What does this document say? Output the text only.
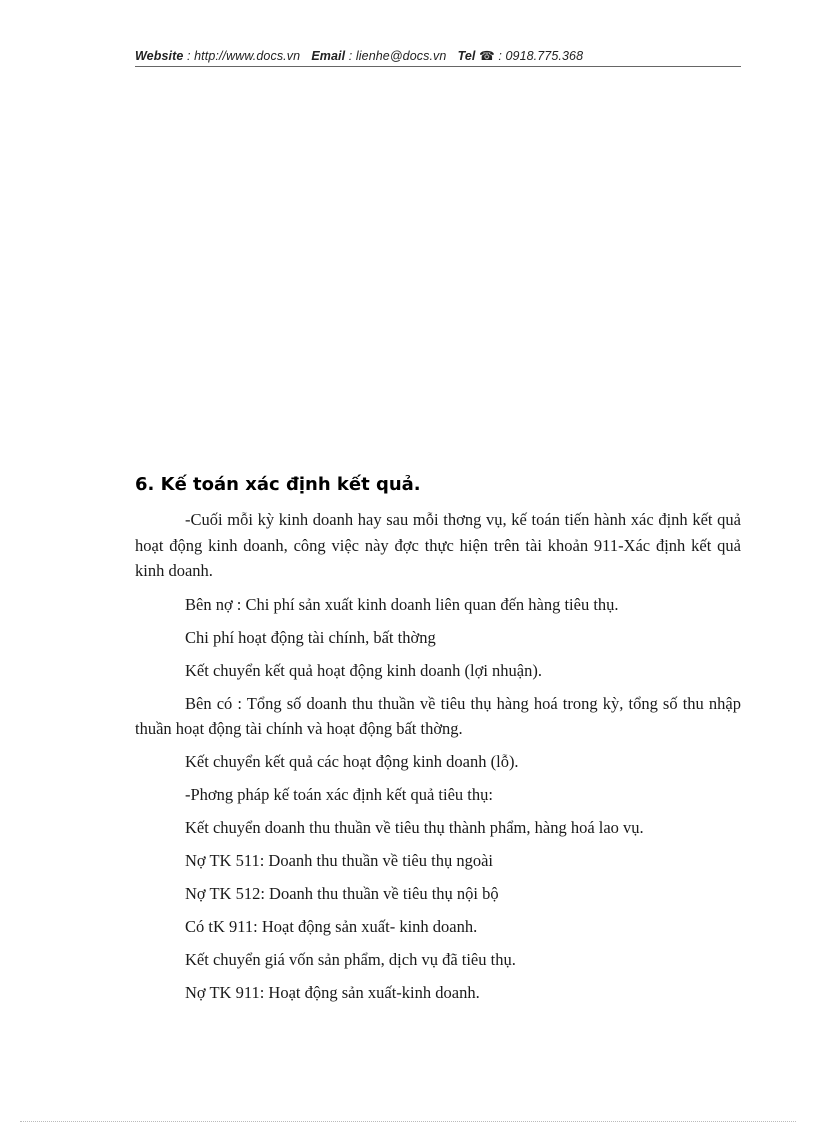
Website : http://www.docs.vn Email : lienhe@docs.vn Tel ☎ : 0918.775.368
6. Kế toán xác định kết quả.

-Cuối mỗi kỳ kinh doanh hay sau mỗi thơng vụ, kế toán tiến hành xác định kết quả hoạt động kinh doanh, công việc này đợc thực hiện trên tài khoản 911-Xác định kết quả kinh doanh.

Bên nợ : Chi phí sản xuất kinh doanh liên quan đến hàng tiêu thụ.

Chi phí hoạt động tài chính, bất thờng

Kết chuyển kết quả hoạt động kinh doanh (lợi nhuận).

Bên có : Tổng số doanh thu thuần về tiêu thụ hàng hoá trong kỳ, tổng số thu nhập thuần hoạt động tài chính và hoạt động bất thờng.

Kết chuyển kết quả các hoạt động kinh doanh (lỗ).

-Phơng pháp kế toán xác định kết quả tiêu thụ:

Kết chuyển doanh thu thuần về tiêu thụ thành phẩm, hàng hoá lao vụ.

Nợ TK 511: Doanh thu thuần về tiêu thụ ngoài

Nợ TK 512: Doanh thu thuần về tiêu thụ nội bộ

Có tK 911: Hoạt động sản xuất- kinh doanh.

Kết chuyển giá vốn sản phẩm, dịch vụ đã tiêu thụ.

Nợ TK 911: Hoạt động sản xuất-kinh doanh.
